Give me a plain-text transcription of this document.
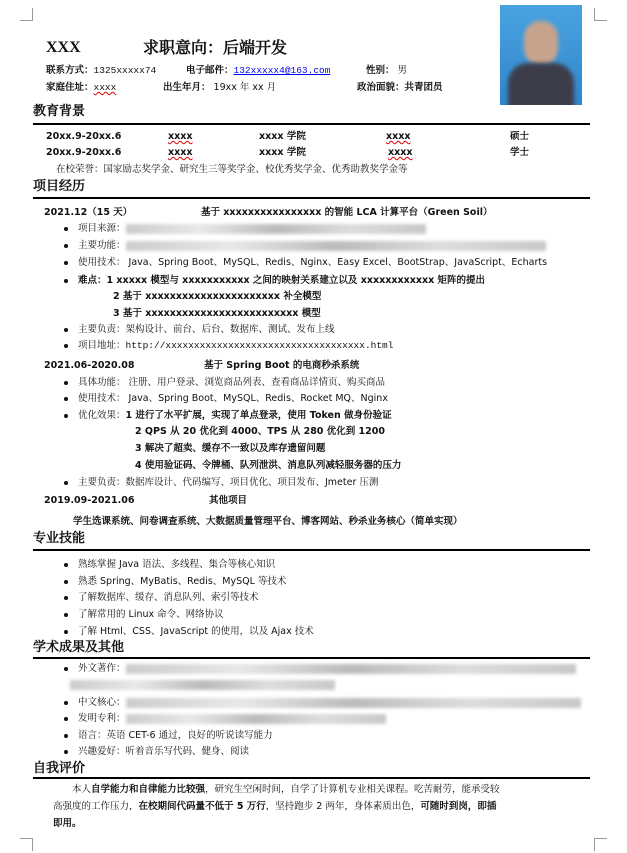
XXX	求职意向：后端开发
联系方式：1325xxxxx74	电子邮件：132xxxxx4@163.com	性别： 男
家庭住址：xxxx	出生年月： 19xx 年 xx 月	政治面貌：共青团员
教育背景
20xx.9-20xx.6	xxxx	xxxx 学院	xxxx	硕士
20xx.9-20xx.6	xxxx	xxxx 学院	xxxx	学士
在校荣誉：国家励志奖学金、研究生三等奖学金、校优秀奖学金、优秀助教奖学金等
项目经历
2021.12（15 天）	基于 xxxxxxxxxxxxxxxx 的智能 LCA 计算平台（Green Soil）
项目来源：
主要功能：
使用技术： Java、Spring Boot、MySQL、Redis、Nginx、Easy Excel、BootStrap、JavaScript、Echarts
难点：1 xxxxx 模型与 xxxxxxxxxxx 之间的映射关系建立以及 xxxxxxxxxxxx 矩阵的提出
2 基于 xxxxxxxxxxxxxxxxxxxxxx 补全模型
3 基于 xxxxxxxxxxxxxxxxxxxxxxxxx 模型
主要负责：架构设计、前台、后台、数据库、测试、发布上线
项目地址：http://xxxxxxxxxxxxxxxxxxxxxxxxxxxxxxxxxxx.html
2021.06-2020.08	基于 Spring Boot 的电商秒杀系统
具体功能： 注册、用户登录、浏览商品列表、查看商品详情页、购买商品
使用技术： Java、Spring Boot、MySQL、Redis、Rocket MQ、Nginx
优化效果：1 进行了水平扩展，实现了单点登录，使用 Token 做身份验证
2 QPS 从 20 优化到 4000、TPS 从 280 优化到 1200
3 解决了超卖、缓存不一致以及库存遗留问题
4 使用验证码、令牌桶、队列泄洪、消息队列减轻服务器的压力
主要负责：数据库设计、代码编写、项目优化、项目发布、Jmeter 压测
2019.09-2021.06	其他项目
学生选课系统、问卷调查系统、大数据质量管理平台、博客网站、秒杀业务核心（简单实现）
专业技能
熟练掌握 Java 语法、多线程、集合等核心知识
熟悉 Spring、MyBatis、Redis、MySQL 等技术
了解数据库、缓存、消息队列、索引等技术
了解常用的 Linux 命令、网络协议
了解 Html、CSS、JavaScript 的使用，以及 Ajax 技术
学术成果及其他
外文著作：
中文核心：
发明专利：
语言：英语 CET-6 通过，良好的听说读写能力
兴趣爱好：听着音乐写代码、健身、阅读
自我评价
本人自学能力和自律能力比较强，研究生空闲时间，自学了计算机专业相关课程。吃苦耐劳，能承受较
高强度的工作压力，在校期间代码量不低于 5 万行，坚持跑步 2 两年，身体素质出色，可随时到岗，即插
即用。
